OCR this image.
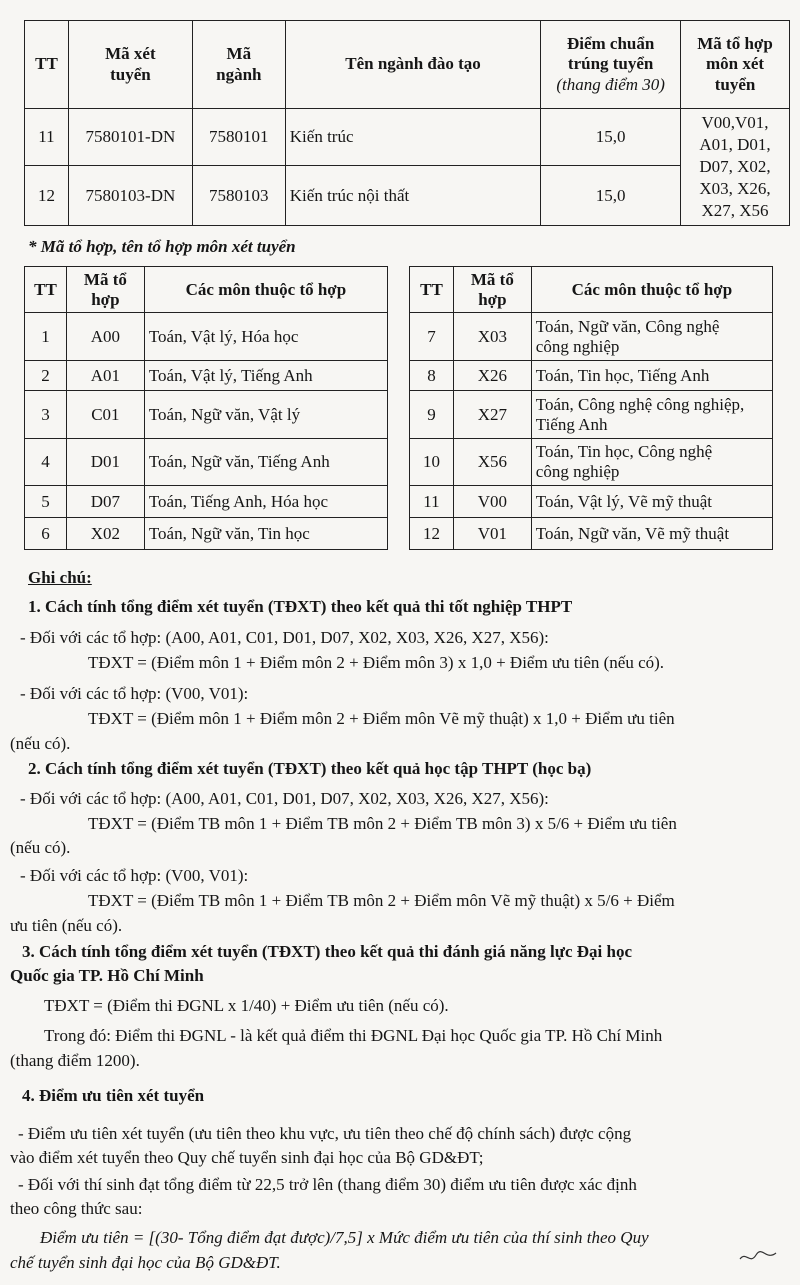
TT	Mã xét tuyển	Mã ngành	Tên ngành đào tạo	Điểm chuẩn trúng tuyển
(thang điểm 30)	Mã tổ hợp môn xét tuyển
11	7580101-DN	7580101	Kiến trúc	15,0	V00,V01,
A01, D01,
D07, X02,
X03, X26,
X27, X56
12	7580103-DN	7580103	Kiến trúc nội thất	15,0	
* Mã tổ hợp, tên tổ hợp môn xét tuyển
TT	Mã tổ hợp	Các môn thuộc tổ hợp
1	A00	Toán, Vật lý, Hóa học
2	A01	Toán, Vật lý, Tiếng Anh
3	C01	Toán, Ngữ văn, Vật lý
4	D01	Toán, Ngữ văn, Tiếng Anh
5	D07	Toán, Tiếng Anh, Hóa học
6	X02	Toán, Ngữ văn, Tin học
TT	Mã tổ hợp	Các môn thuộc tổ hợp
7	X03	Toán, Ngữ văn, Công nghệ
công nghiệp
8	X26	Toán, Tin học, Tiếng Anh
9	X27	Toán, Công nghệ công nghiệp,
Tiếng Anh
10	X56	Toán, Tin học, Công nghệ
công nghiệp
11	V00	Toán, Vật lý, Vẽ mỹ thuật
12	V01	Toán, Ngữ văn, Vẽ mỹ thuật
Ghi chú:
1. Cách tính tổng điểm xét tuyển (TĐXT) theo kết quả thi tốt nghiệp THPT
- Đối với các tổ hợp: (A00, A01, C01, D01, D07, X02, X03, X26, X27, X56):
TĐXT = (Điểm môn 1 + Điểm môn 2 + Điểm môn 3) x 1,0 + Điểm ưu tiên (nếu có).
- Đối với các tổ hợp: (V00, V01):
TĐXT = (Điểm môn 1 + Điểm môn 2 + Điểm môn Vẽ mỹ thuật) x 1,0 + Điểm ưu tiên
(nếu có).
2. Cách tính tổng điểm xét tuyển (TĐXT) theo kết quả học tập THPT (học bạ)
- Đối với các tổ hợp: (A00, A01, C01, D01, D07, X02, X03, X26, X27, X56):
TĐXT = (Điểm TB môn 1 + Điểm TB môn 2 + Điểm TB môn 3) x 5/6 + Điểm ưu tiên
(nếu có).
- Đối với các tổ hợp: (V00, V01):
TĐXT = (Điểm TB môn 1 + Điểm TB môn 2 + Điểm môn Vẽ mỹ thuật) x 5/6 + Điểm
ưu tiên (nếu có).
3. Cách tính tổng điểm xét tuyển (TĐXT) theo kết quả thi đánh giá năng lực Đại học
Quốc gia TP. Hồ Chí Minh
TĐXT = (Điểm thi ĐGNL x 1/40) + Điểm ưu tiên (nếu có).
Trong đó: Điểm thi ĐGNL - là kết quả điểm thi ĐGNL Đại học Quốc gia TP. Hồ Chí Minh
(thang điểm 1200).
4. Điểm ưu tiên xét tuyển
- Điểm ưu tiên xét tuyển (ưu tiên theo khu vực, ưu tiên theo chế độ chính sách) được cộng
vào điểm xét tuyển theo Quy chế tuyển sinh đại học của Bộ GD&ĐT;
- Đối với thí sinh đạt tổng điểm từ 22,5 trở lên (thang điểm 30) điểm ưu tiên được xác định
theo công thức sau:
Điểm ưu tiên = [(30- Tổng điểm đạt được)/7,5] x Mức điểm ưu tiên của thí sinh theo Quy
chế tuyển sinh đại học của Bộ GD&ĐT.
